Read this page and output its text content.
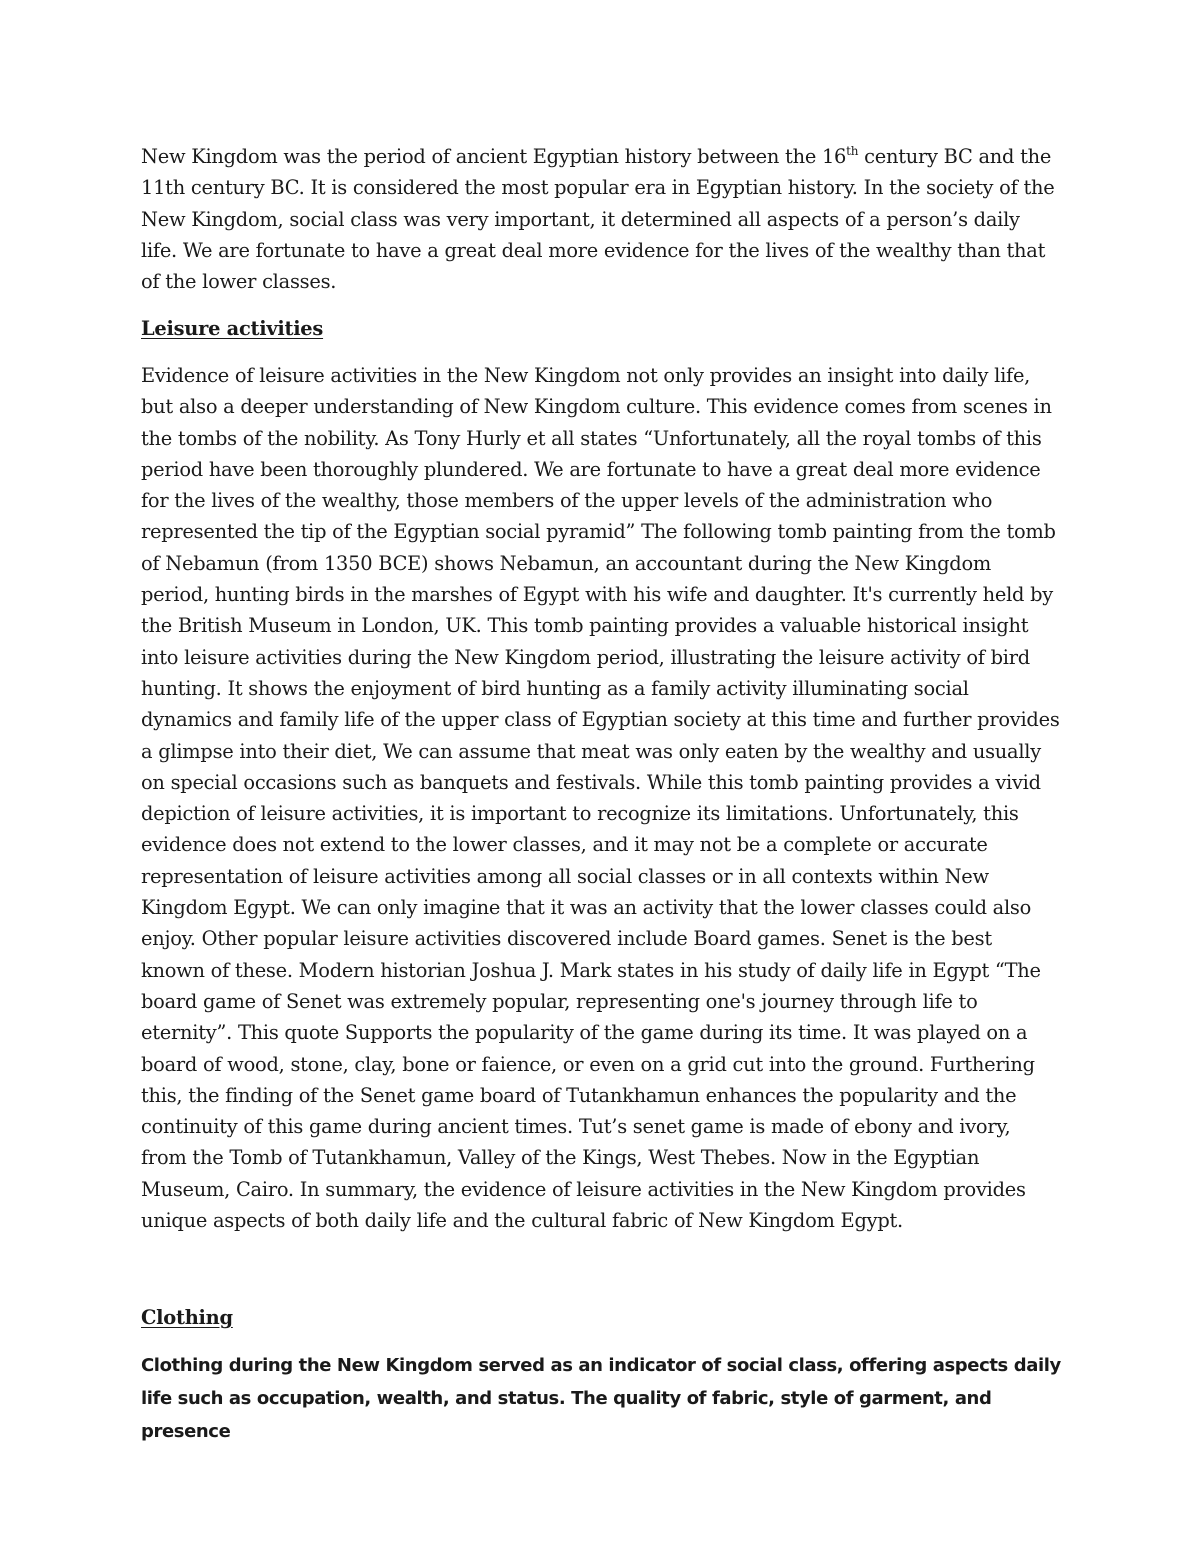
New Kingdom was the period of ancient Egyptian history between the 16th century BC and the 11th century BC. It is considered the most popular era in Egyptian history. In the society of the New Kingdom, social class was very important, it determined all aspects of a person’s daily life. We are fortunate to have a great deal more evidence for the lives of the wealthy than that of the lower classes.

Leisure activities

Evidence of leisure activities in the New Kingdom not only provides an insight into daily life, but also a deeper understanding of New Kingdom culture. This evidence comes from scenes in the tombs of the nobility. As Tony Hurly et all states “Unfortunately, all the royal tombs of this period have been thoroughly plundered. We are fortunate to have a great deal more evidence for the lives of the wealthy, those members of the upper levels of the administration who represented the tip of the Egyptian social pyramid” The following tomb painting from the tomb of Nebamun (from 1350 BCE) shows Nebamun, an accountant during the New Kingdom period, hunting birds in the marshes of Egypt with his wife and daughter. It's currently held by the British Museum in London, UK. This tomb painting provides a valuable historical insight into leisure activities during the New Kingdom period, illustrating the leisure activity of bird hunting. It shows the enjoyment of bird hunting as a family activity illuminating social dynamics and family life of the upper class of Egyptian society at this time and further provides a glimpse into their diet, We can assume that meat was only eaten by the wealthy and usually on special occasions such as banquets and festivals. While this tomb painting provides a vivid depiction of leisure activities, it is important to recognize its limitations. Unfortunately, this evidence does not extend to the lower classes, and it may not be a complete or accurate representation of leisure activities among all social classes or in all contexts within New Kingdom Egypt. We can only imagine that it was an activity that the lower classes could also enjoy. Other popular leisure activities discovered include Board games. Senet is the best known of these. Modern historian Joshua J. Mark states in his study of daily life in Egypt “The board game of Senet was extremely popular, representing one's journey through life to eternity”. This quote Supports the popularity of the game during its time. It was played on a board of wood, stone, clay, bone or faience, or even on a grid cut into the ground. Furthering this, the finding of the Senet game board of Tutankhamun enhances the popularity and the continuity of this game during ancient times. Tut’s senet game is made of ebony and ivory, from the Tomb of Tutankhamun, Valley of the Kings, West Thebes. Now in the Egyptian Museum, Cairo. In summary, the evidence of leisure activities in the New Kingdom provides unique aspects of both daily life and the cultural fabric of New Kingdom Egypt.

Clothing

Clothing during the New Kingdom served as an indicator of social class, offering aspects daily life such as occupation, wealth, and status. The quality of fabric, style of garment, and presence
